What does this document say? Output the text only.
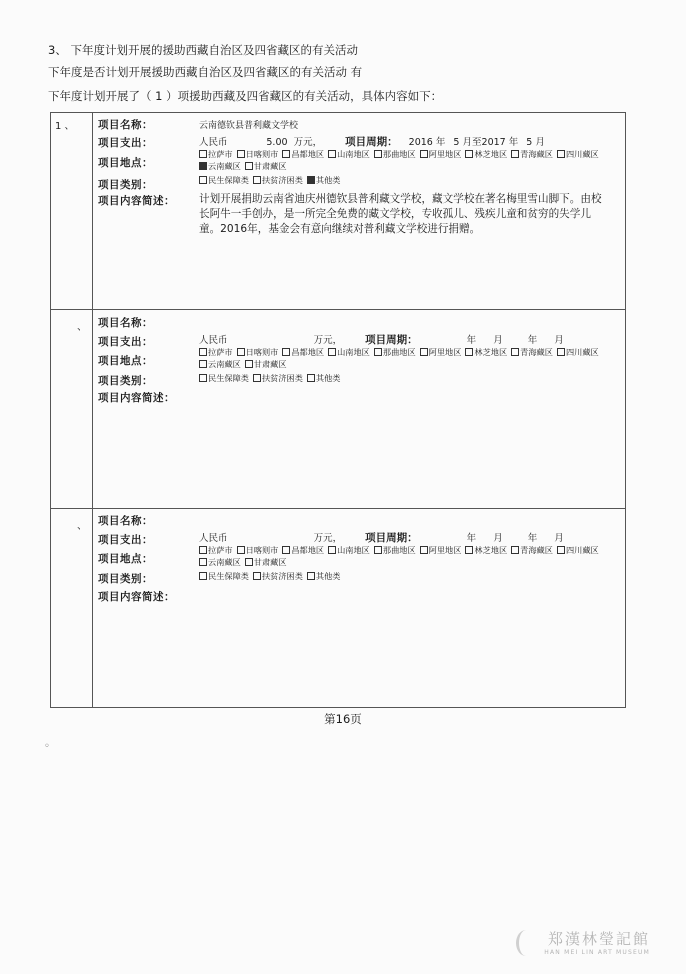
3、 下年度计划开展的援助西藏自治区及四省藏区的有关活动
下年度是否计划开展援助西藏自治区及四省藏区的有关活动 有
下年度计划开展了（ 1 ）项援助西藏及四省藏区的有关活动，具体内容如下：
1 、 项目名称：	云南德钦县普利藏文学校
项目支出：	人民币	5.00 万元， 项目周期： 2016 年 5 月至2017 年 5 月
项目地点：
拉萨市 日喀则市 昌都地区 山南地区 那曲地区 阿里地区 林芝地区 青海藏区 四川藏区云南藏区 甘肃藏区
项目类别：	民生保障类 扶贫济困类 其他类
项目内容简述： 计划开展捐助云南省迪庆州德钦县普利藏文学校，藏文学校在著名梅里雪山脚下。由校长阿牛一手创办，是一所完全免费的藏文学校，专收孤儿、残疾儿童和贫穷的失学儿童。2016年，基金会有意向继续对普利藏文学校进行捐赠。
、 项目名称：
项目支出：	人民币	万元， 项目周期：	年 月	年 月
项目地点：
拉萨市 日喀则市 昌都地区 山南地区 那曲地区 阿里地区 林芝地区 青海藏区 四川藏区云南藏区 甘肃藏区
项目类别：	民生保障类 扶贫济困类 其他类
项目内容简述：
、 项目名称：
项目支出：	人民币	万元， 项目周期：	年 月	年 月
项目地点：
拉萨市 日喀则市 昌都地区 山南地区 那曲地区 阿里地区 林芝地区 青海藏区 四川藏区云南藏区 甘肃藏区
项目类别：	民生保障类 扶贫济困类 其他类
项目内容简述：
第16页
◦
郑漢林瑩記館
HAN MEI LIN ART MUSEUM
